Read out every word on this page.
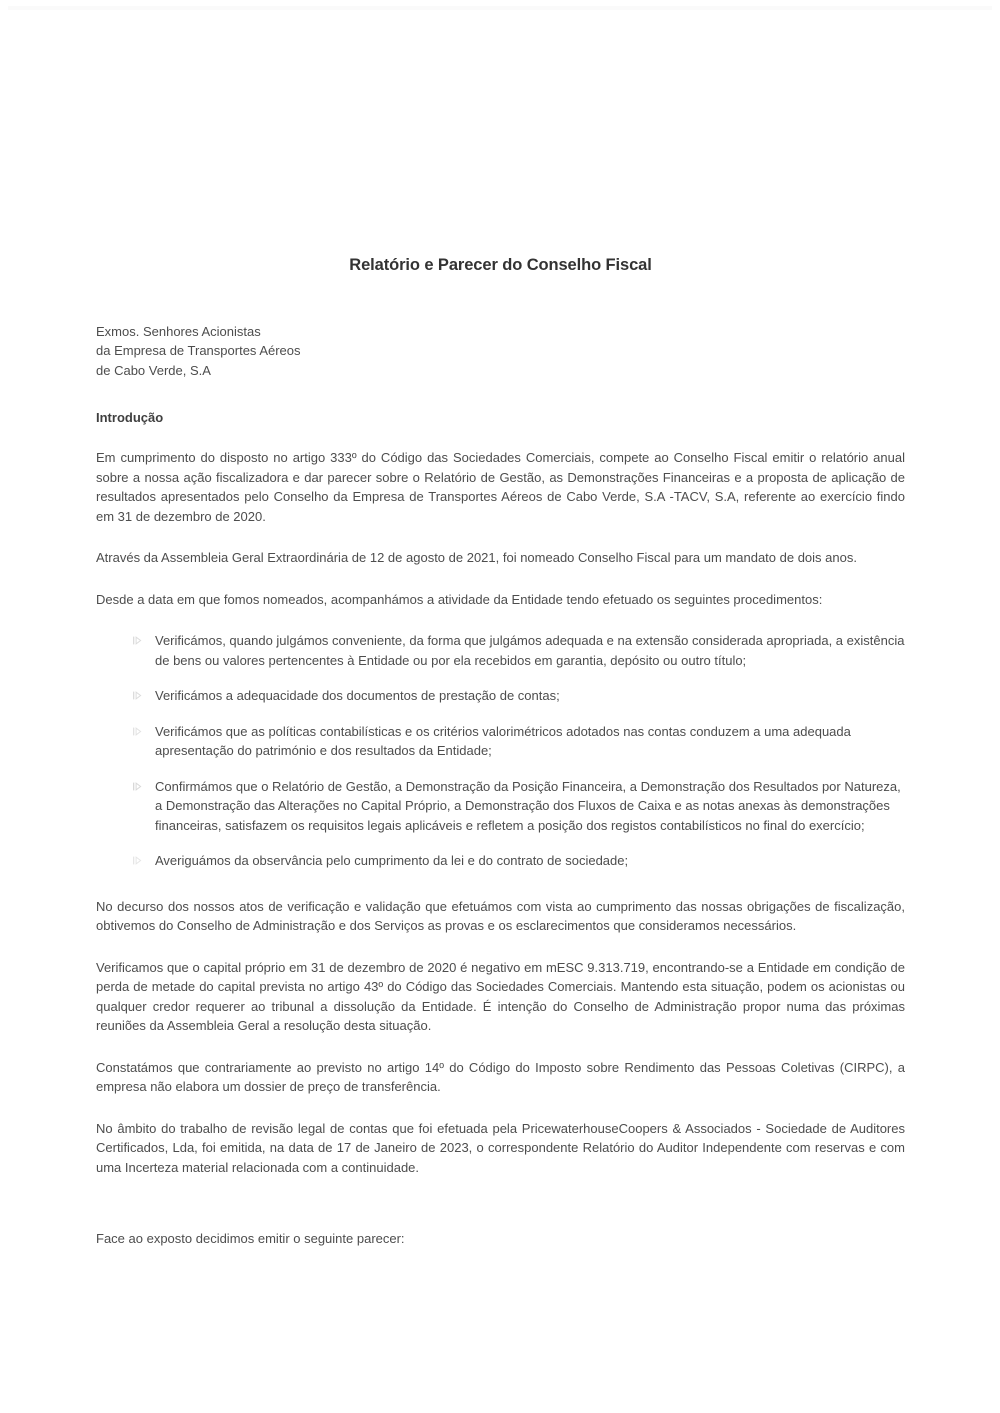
Relatório e Parecer do Conselho Fiscal
Exmos. Senhores Acionistas
da Empresa de Transportes Aéreos
de Cabo Verde, S.A
Introdução

Em cumprimento do disposto no artigo 333º do Código das Sociedades Comerciais, compete ao Conselho Fiscal emitir o relatório anual sobre a nossa ação fiscalizadora e dar parecer sobre o Relatório de Gestão, as Demonstrações Financeiras e a proposta de aplicação de resultados apresentados pelo Conselho da Empresa de Transportes Aéreos de Cabo Verde, S.A -TACV, S.A, referente ao exercício findo em 31 de dezembro de 2020.

Através da Assembleia Geral Extraordinária de 12 de agosto de 2021, foi nomeado Conselho Fiscal para um mandato de dois anos.

Desde a data em que fomos nomeados, acompanhámos a atividade da Entidade tendo efetuado os seguintes procedimentos:

Verificámos, quando julgámos conveniente, da forma que julgámos adequada e na extensão considerada apropriada, a existência de bens ou valores pertencentes à Entidade ou por ela recebidos em garantia, depósito ou outro título;
Verificámos a adequacidade dos documentos de prestação de contas;
Verificámos que as políticas contabilísticas e os critérios valorimétricos adotados nas contas conduzem a uma adequada apresentação do património e dos resultados da Entidade;
Confirmámos que o Relatório de Gestão, a Demonstração da Posição Financeira, a Demonstração dos Resultados por Natureza, a Demonstração das Alterações no Capital Próprio, a Demonstração dos Fluxos de Caixa e as notas anexas às demonstrações financeiras, satisfazem os requisitos legais aplicáveis e refletem a posição dos registos contabilísticos no final do exercício;
Averiguámos da observância pelo cumprimento da lei e do contrato de sociedade;

No decurso dos nossos atos de verificação e validação que efetuámos com vista ao cumprimento das nossas obrigações de fiscalização, obtivemos do Conselho de Administração e dos Serviços as provas e os esclarecimentos que consideramos necessários.

Verificamos que o capital próprio em 31 de dezembro de 2020 é negativo em mESC 9.313.719, encontrando-se a Entidade em condição de perda de metade do capital prevista no artigo 43º do Código das Sociedades Comerciais. Mantendo esta situação, podem os acionistas ou qualquer credor requerer ao tribunal a dissolução da Entidade. É intenção do Conselho de Administração propor numa das próximas reuniões da Assembleia Geral a resolução desta situação.

Constatámos que contrariamente ao previsto no artigo 14º do Código do Imposto sobre Rendimento das Pessoas Coletivas (CIRPC), a empresa não elabora um dossier de preço de transferência.

No âmbito do trabalho de revisão legal de contas que foi efetuada pela PricewaterhouseCoopers & Associados - Sociedade de Auditores Certificados, Lda, foi emitida, na data de 17 de Janeiro de 2023, o correspondente Relatório do Auditor Independente com reservas e com uma Incerteza material relacionada com a continuidade.

Face ao exposto decidimos emitir o seguinte parecer:
